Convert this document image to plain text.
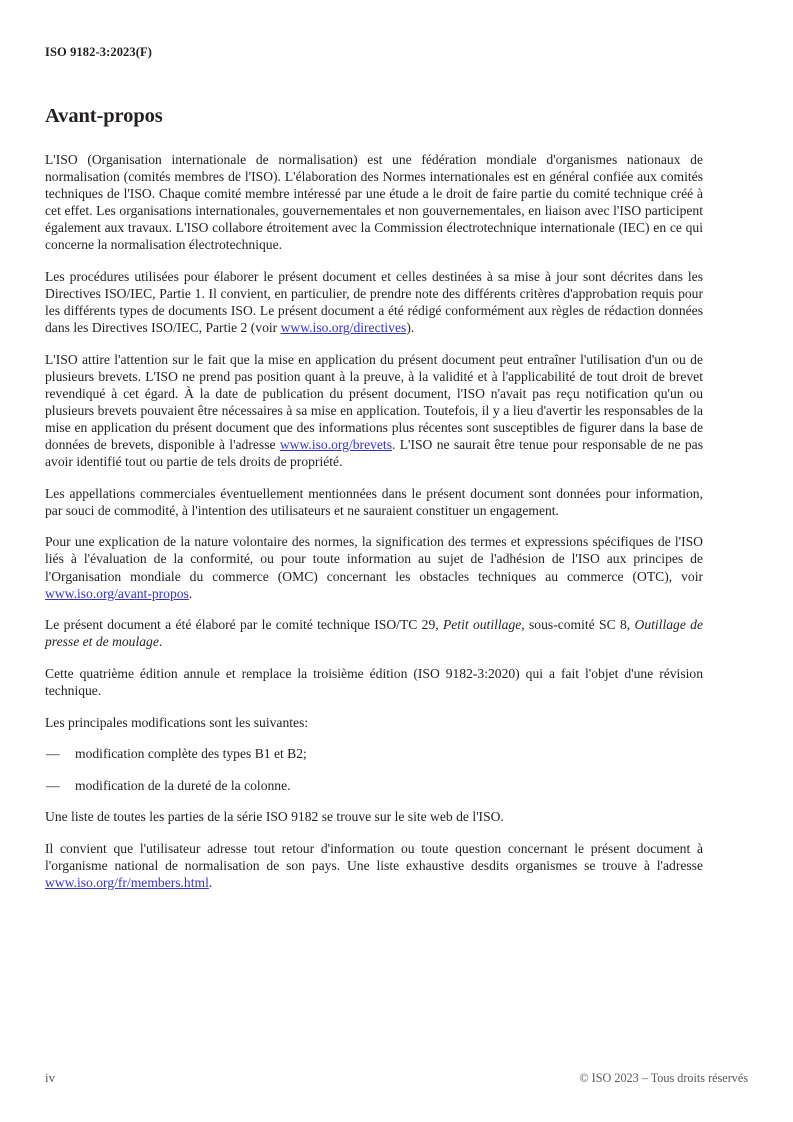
ISO 9182-3:2023(F)
Avant-propos

L'ISO (Organisation internationale de normalisation) est une fédération mondiale d'organismes nationaux de normalisation (comités membres de l'ISO). L'élaboration des Normes internationales est en général confiée aux comités techniques de l'ISO. Chaque comité membre intéressé par une étude a le droit de faire partie du comité technique créé à cet effet. Les organisations internationales, gouvernementales et non gouvernementales, en liaison avec l'ISO participent également aux travaux. L'ISO collabore étroitement avec la Commission électrotechnique internationale (IEC) en ce qui concerne la normalisation électrotechnique.

Les procédures utilisées pour élaborer le présent document et celles destinées à sa mise à jour sont décrites dans les Directives ISO/IEC, Partie 1. Il convient, en particulier, de prendre note des différents critères d'approbation requis pour les différents types de documents ISO. Le présent document a été rédigé conformément aux règles de rédaction données dans les Directives ISO/IEC, Partie 2 (voir www.iso.org/directives).

L'ISO attire l'attention sur le fait que la mise en application du présent document peut entraîner l'utilisation d'un ou de plusieurs brevets. L'ISO ne prend pas position quant à la preuve, à la validité et à l'applicabilité de tout droit de brevet revendiqué à cet égard. À la date de publication du présent document, l'ISO n'avait pas reçu notification qu'un ou plusieurs brevets pouvaient être nécessaires à sa mise en application. Toutefois, il y a lieu d'avertir les responsables de la mise en application du présent document que des informations plus récentes sont susceptibles de figurer dans la base de données de brevets, disponible à l'adresse www.iso.org/brevets. L'ISO ne saurait être tenue pour responsable de ne pas avoir identifié tout ou partie de tels droits de propriété.

Les appellations commerciales éventuellement mentionnées dans le présent document sont données pour information, par souci de commodité, à l'intention des utilisateurs et ne sauraient constituer un engagement.

Pour une explication de la nature volontaire des normes, la signification des termes et expressions spécifiques de l'ISO liés à l'évaluation de la conformité, ou pour toute information au sujet de l'adhésion de l'ISO aux principes de l'Organisation mondiale du commerce (OMC) concernant les obstacles techniques au commerce (OTC), voir www.iso.org/avant-propos.

Le présent document a été élaboré par le comité technique ISO/TC 29, Petit outillage, sous-comité SC 8, Outillage de presse et de moulage.

Cette quatrième édition annule et remplace la troisième édition (ISO 9182-3:2020) qui a fait l'objet d'une révision technique.

Les principales modifications sont les suivantes:

— modification complète des types B1 et B2;
— modification de la dureté de la colonne.

Une liste de toutes les parties de la série ISO 9182 se trouve sur le site web de l'ISO.

Il convient que l'utilisateur adresse tout retour d'information ou toute question concernant le présent document à l'organisme national de normalisation de son pays. Une liste exhaustive desdits organismes se trouve à l'adresse www.iso.org/fr/members.html.

iv	© ISO 2023 – Tous droits réservés
